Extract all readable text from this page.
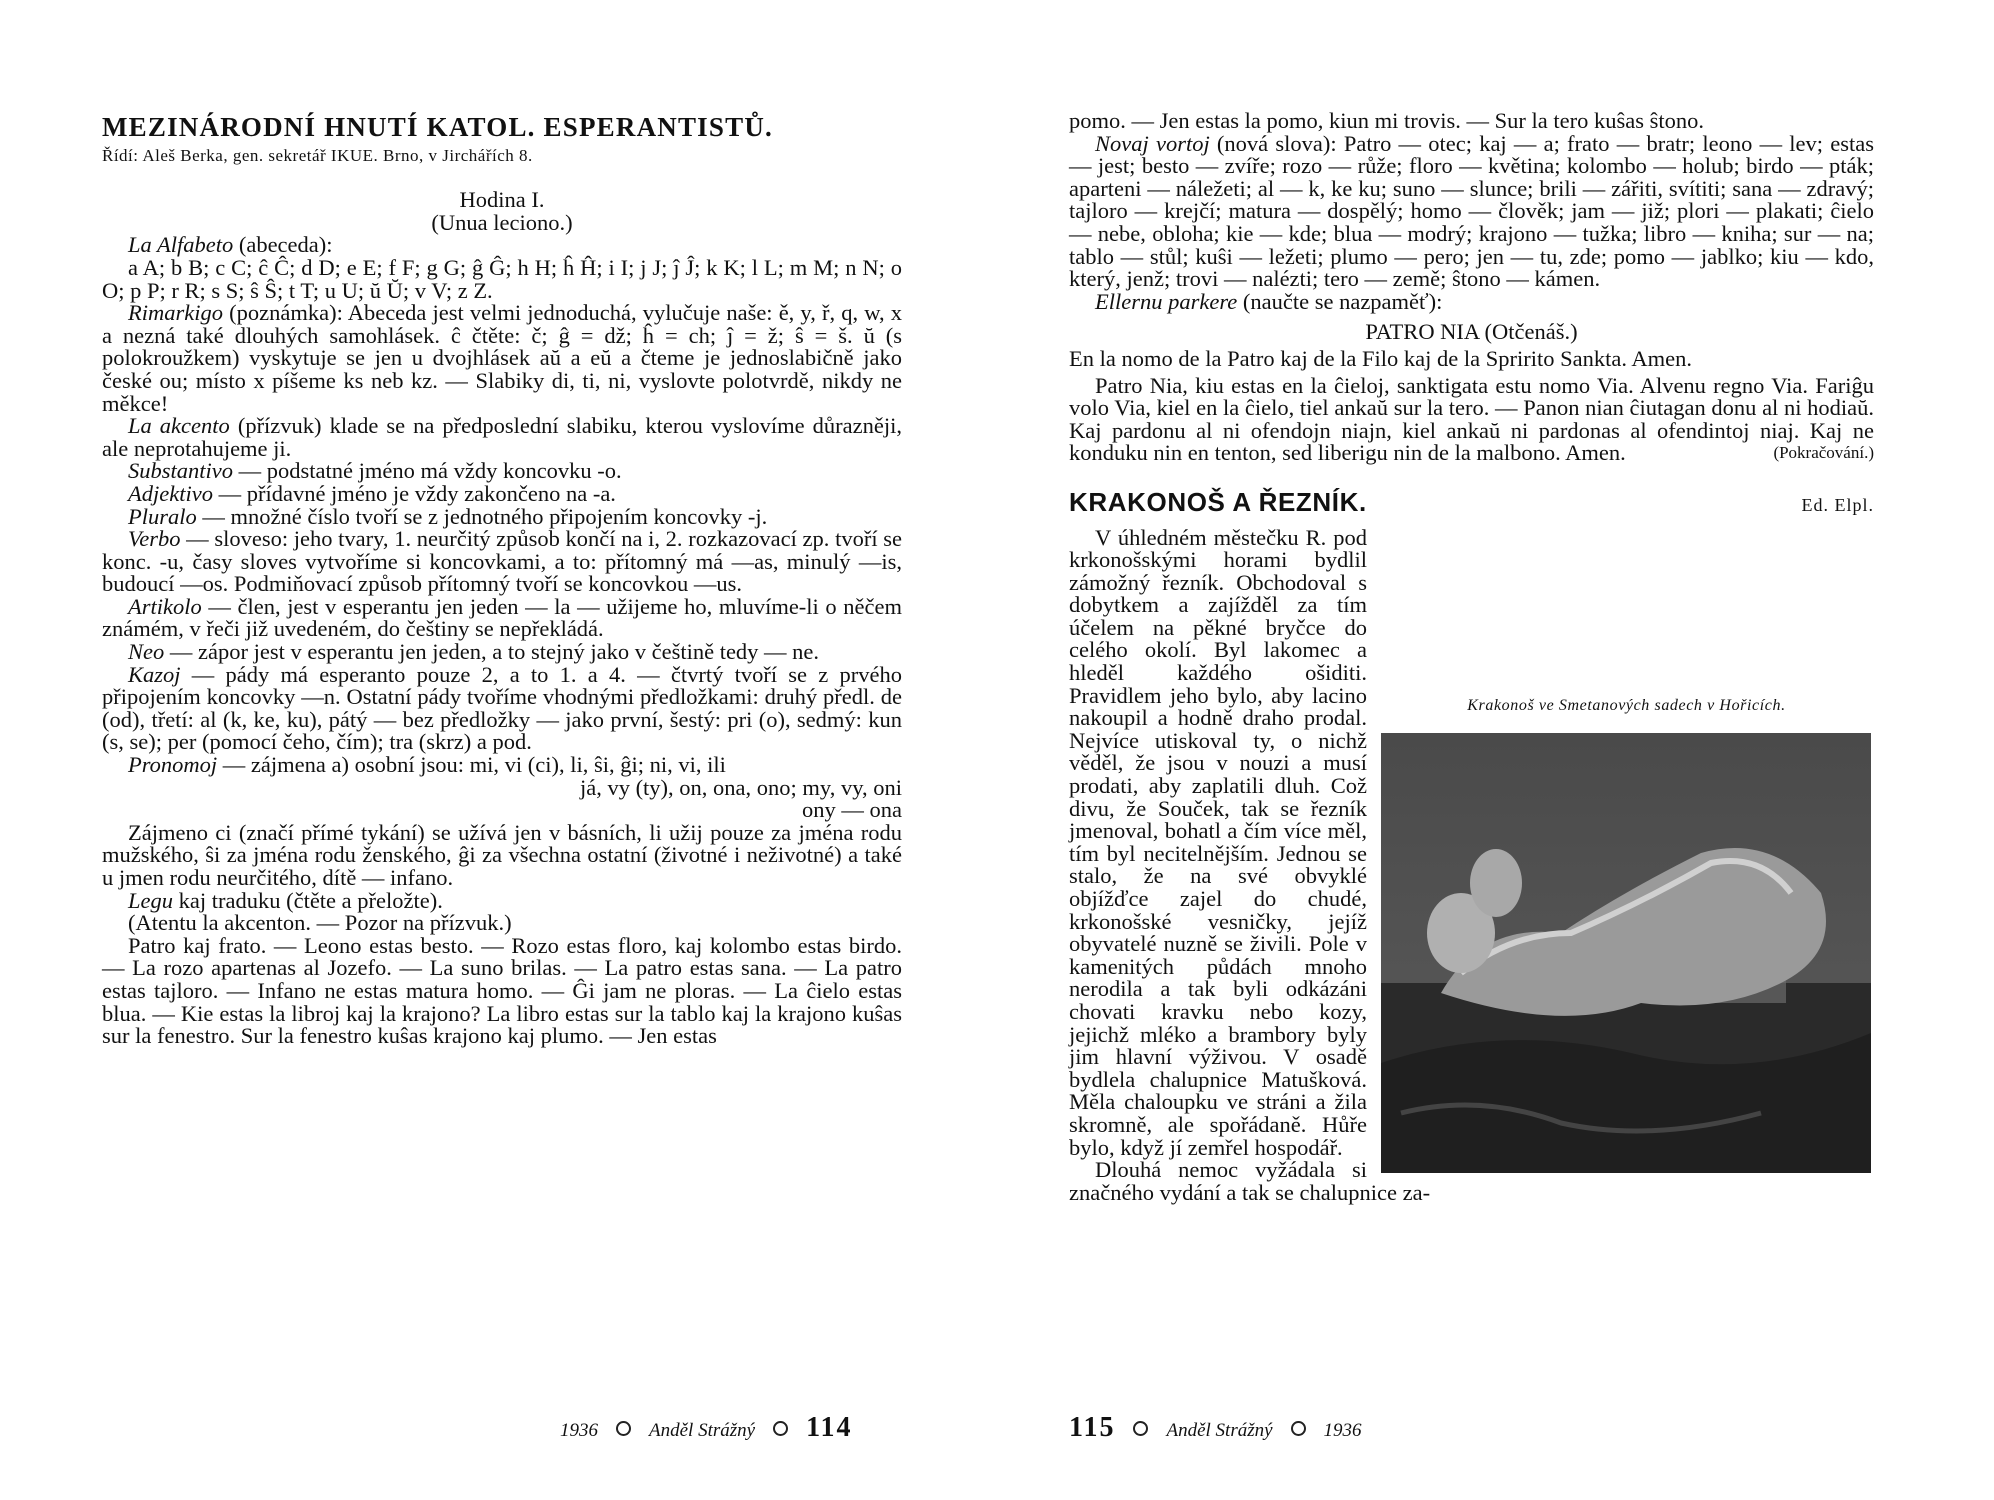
MEZINÁRODNÍ HNUTÍ KATOL. ESPERANTISTŮ.
Řídí: Aleš Berka, gen. sekretář IKUE. Brno, v Jirchářích 8.

Hodina I.

(Unua leciono.)

La Alfabeto (abeceda):

a A; b B; c C; ĉ Ĉ; d D; e E; f F; g G; ĝ Ĝ; h H; ĥ Ĥ; i I; j J; ĵ Ĵ; k K; l L; m M; n N; o O; p P; r R; s S; ŝ Ŝ; t T; u U; ŭ Ŭ; v V; z Z.

Rimarkigo (poznámka): Abeceda jest velmi jednoduchá, vylučuje naše: ě, y, ř, q, w, x a nezná také dlouhých samohlásek. ĉ čtěte: č; ĝ = dž; ĥ = ch; ĵ = ž; ŝ = š. ŭ (s polokroužkem) vyskytuje se jen u dvojhlásek aŭ a eŭ a čteme je jednoslabičně jako české ou; místo x píšeme ks neb kz. — Slabiky di, ti, ni, vyslovte polotvrdě, nikdy ne měkce!

La akcento (přízvuk) klade se na předposlední slabiku, kterou vyslovíme důrazněji, ale neprotahujeme ji.

Substantivo — podstatné jméno má vždy koncovku -o.

Adjektivo — přídavné jméno je vždy zakončeno na -a.

Pluralo — množné číslo tvoří se z jednotného připojením koncovky -j.

Verbo — sloveso: jeho tvary, 1. neurčitý způsob končí na i, 2. rozkazovací zp. tvoří se konc. -u, časy sloves vytvoříme si koncovkami, a to: přítomný má —as, minulý —is, budoucí —os. Podmiňovací způsob přítomný tvoří se koncovkou —us.

Artikolo — člen, jest v esperantu jen jeden — la — užijeme ho, mluvíme-li o něčem známém, v řeči již uvedeném, do češtiny se nepřekládá.

Neo — zápor jest v esperantu jen jeden, a to stejný jako v češtině tedy — ne.

Kazoj — pády má esperanto pouze 2, a to 1. a 4. — čtvrtý tvoří se z prvého připojením koncovky —n. Ostatní pády tvoříme vhodnými předložkami: druhý předl. de (od), třetí: al (k, ke, ku), pátý — bez předložky — jako první, šestý: pri (o), sedmý: kun (s, se); per (pomocí čeho, čím); tra (skrz) a pod.

Pronomoj — zájmena a) osobní jsou: mi, vi (ci), li, ŝi, ĝi; ni, vi, ili

já, vy (ty), on, ona, ono; my, vy, oni

ony — ona

Zájmeno ci (značí přímé tykání) se užívá jen v básních, li užij pouze za jména rodu mužského, ŝi za jména rodu ženského, ĝi za všechna ostatní (životné i neživotné) a také u jmen rodu neurčitého, dítě — infano.

Legu kaj traduku (čtěte a přeložte).

(Atentu la akcenton. — Pozor na přízvuk.)

Patro kaj frato. — Leono estas besto. — Rozo estas floro, kaj kolombo estas birdo. — La rozo apartenas al Jozefo. — La suno brilas. — La patro estas sana. — La patro estas tajloro. — Infano ne estas matura homo. — Ĝi jam ne ploras. — La ĉielo estas blua. — Kie estas la libroj kaj la krajono? La libro estas sur la tablo kaj la krajono kuŝas sur la fenestro. Sur la fenestro kuŝas krajono kaj plumo. — Jen estas

1936	Anděl Strážný 114

pomo. — Jen estas la pomo, kiun mi trovis. — Sur la tero kuŝas ŝtono.

Novaj vortoj (nová slova): Patro — otec; kaj — a; frato — bratr; leono — lev; estas — jest; besto — zvíře; rozo — růže; floro — květina; kolombo — holub; birdo — pták; aparteni — náležeti; al — k, ke ku; suno — slunce; brili — zářiti, svítiti; sana — zdravý; tajloro — krejčí; matura — dospělý; homo — člověk; jam — již; plori — plakati; ĉielo — nebe, obloha; kie — kde; blua — modrý; krajono — tužka; libro — kniha; sur — na; tablo — stůl; kuŝi — ležeti; plumo — pero; jen — tu, zde; pomo — jablko; kiu — kdo, který, jenž; trovi — nalézti; tero — země; ŝtono — kámen.

Ellernu parkere (naučte se nazpaměť):

PATRO NIA (Otčenáš.)

En la nomo de la Patro kaj de la Filo kaj de la Spririto Sankta. Amen.

Patro Nia, kiu estas en la ĉieloj, sanktigata estu nomo Via. Alvenu regno Via. Fariĝu volo Via, kiel en la ĉielo, tiel ankaŭ sur la tero. — Panon nian ĉiutagan donu al ni hodiaŭ. Kaj pardonu al ni ofendojn niajn, kiel ankaŭ ni pardonas al ofendintoj niaj. Kaj ne konduku nin en tenton, sed liberigu nin de la malbono. Amen.	(Pokračování.)

KRAKONOŠ A ŘEZNÍK.	Ed. Elpl.
Krakonoš ve Smetanových sadech v Hořicích.

V úhledném městečku R. pod krkonošskými horami bydlil zámožný řezník. Obchodoval s dobytkem a zajížděl za tím účelem na pěkné bryčce do celého okolí. Byl lakomec a hleděl každého ošiditi. Pravidlem jeho bylo, aby lacino nakoupil a hodně draho prodal. Nejvíce utiskoval ty, o nichž věděl, že jsou v nouzi a musí prodati, aby zaplatili dluh. Což divu, že Souček, tak se řezník jmenoval, bohatl a čím více měl, tím byl necitelnějším. Jednou se stalo, že na své obvyklé objížďce zajel do chudé, krkonošské vesničky, jejíž obyvatelé nuzně se živili. Pole v kamenitých půdách mnoho nerodila a tak byli odkázáni chovati kravku nebo kozy, jejichž mléko a brambory byly jim hlavní výživou. V osadě bydlela chalupnice Matušková. Měla chaloupku ve stráni a žila skromně, ale spořádaně. Hůře bylo, když jí zemřel hospodář.

Dlouhá nemoc vyžádala si značného vydání a tak se chalupnice za-

115	Anděl Strážný	1936
